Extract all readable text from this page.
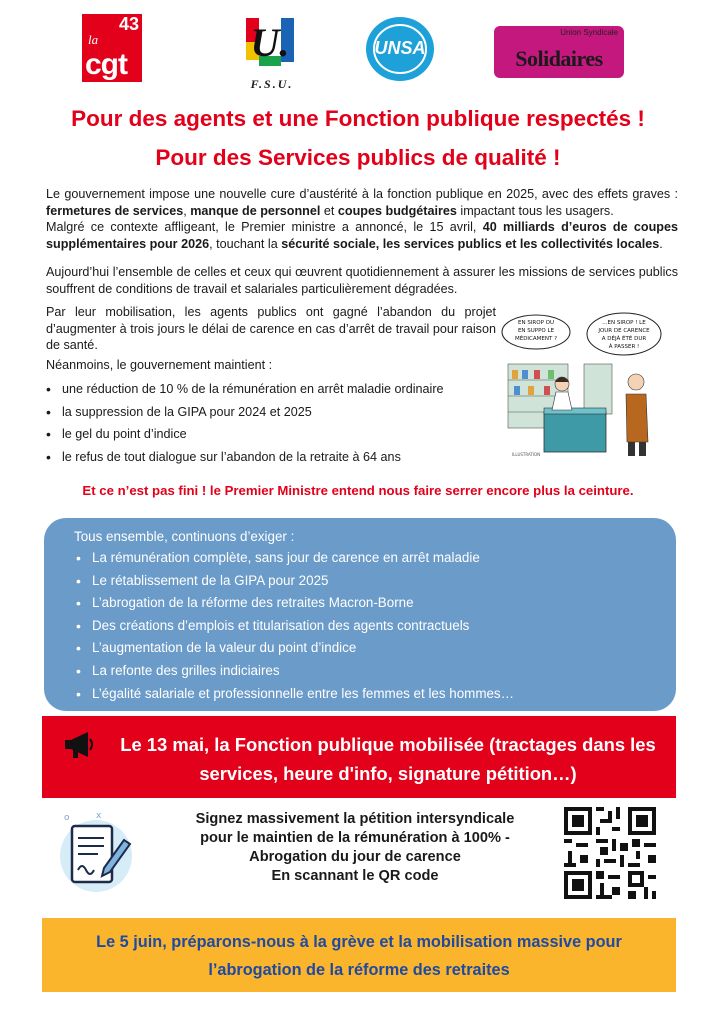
43
la
cgt	U.
F.S.U.
UNSA
Union Syndicale
Solidaires
Pour des agents et une Fonction publique respectés !
Pour des Services publics de qualité !

Le gouvernement impose une nouvelle cure d’austérité à la fonction publique en 2025, avec des effets graves : fermetures de services, manque de personnel et coupes budgétaires impactant tous les usagers.

Malgré ce contexte affligeant, le Premier ministre a annoncé, le 15 avril, 40 milliards d’euros de coupes supplémentaires pour 2026, touchant la sécurité sociale, les services publics et les collectivités locales.

Aujourd’hui l’ensemble de celles et ceux qui œuvrent quotidiennement à assurer les missions de services publics souffrent de conditions de travail et salariales particulièrement dégradées.

Par leur mobilisation, les agents publics ont gagné l’abandon du projet d’augmenter à trois jours le délai de carence en cas d’arrêt de travail pour raison de santé.

Néanmoins, le gouvernement maintient :

• une réduction de 10 % de la rémunération en arrêt maladie ordinaire
• la suppression de la GIPA pour 2024 et 2025
• le gel du point d’indice
• le refus de tout dialogue sur l’abandon de la retraite à 64 ans
EN SIROP OU
EN SUPPO LE
MÉDICAMENT ?
...EN SIROP ! LE
JOUR DE CARENCE
A DÉJÀ ÉTÉ DUR
À PASSER !
ILLUSTRATION
Et ce n’est pas fini ! le Premier Ministre entend nous faire serrer encore plus la ceinture.
Tous ensemble, continuons d’exiger :
• La rémunération complète, sans jour de carence en arrêt maladie
• Le rétablissement de la GIPA pour 2025
• L’abrogation de la réforme des retraites Macron-Borne
• Des créations d’emplois et titularisation des agents contractuels
• L’augmentation de la valeur du point d’indice
• La refonte des grilles indiciaires
• L’égalité salariale et professionnelle entre les femmes et les hommes…
Le 13 mai, la Fonction publique mobilisée (tractages dans les services, heure d'info, signature pétition…)
o	x	Signez massivement la pétition intersyndicale
pour le maintien de la rémunération à 100% -
Abrogation du jour de carence
En scannant le QR code
Le 5 juin, préparons-nous à la grève et la mobilisation massive pour
l’abrogation de la réforme des retraites
